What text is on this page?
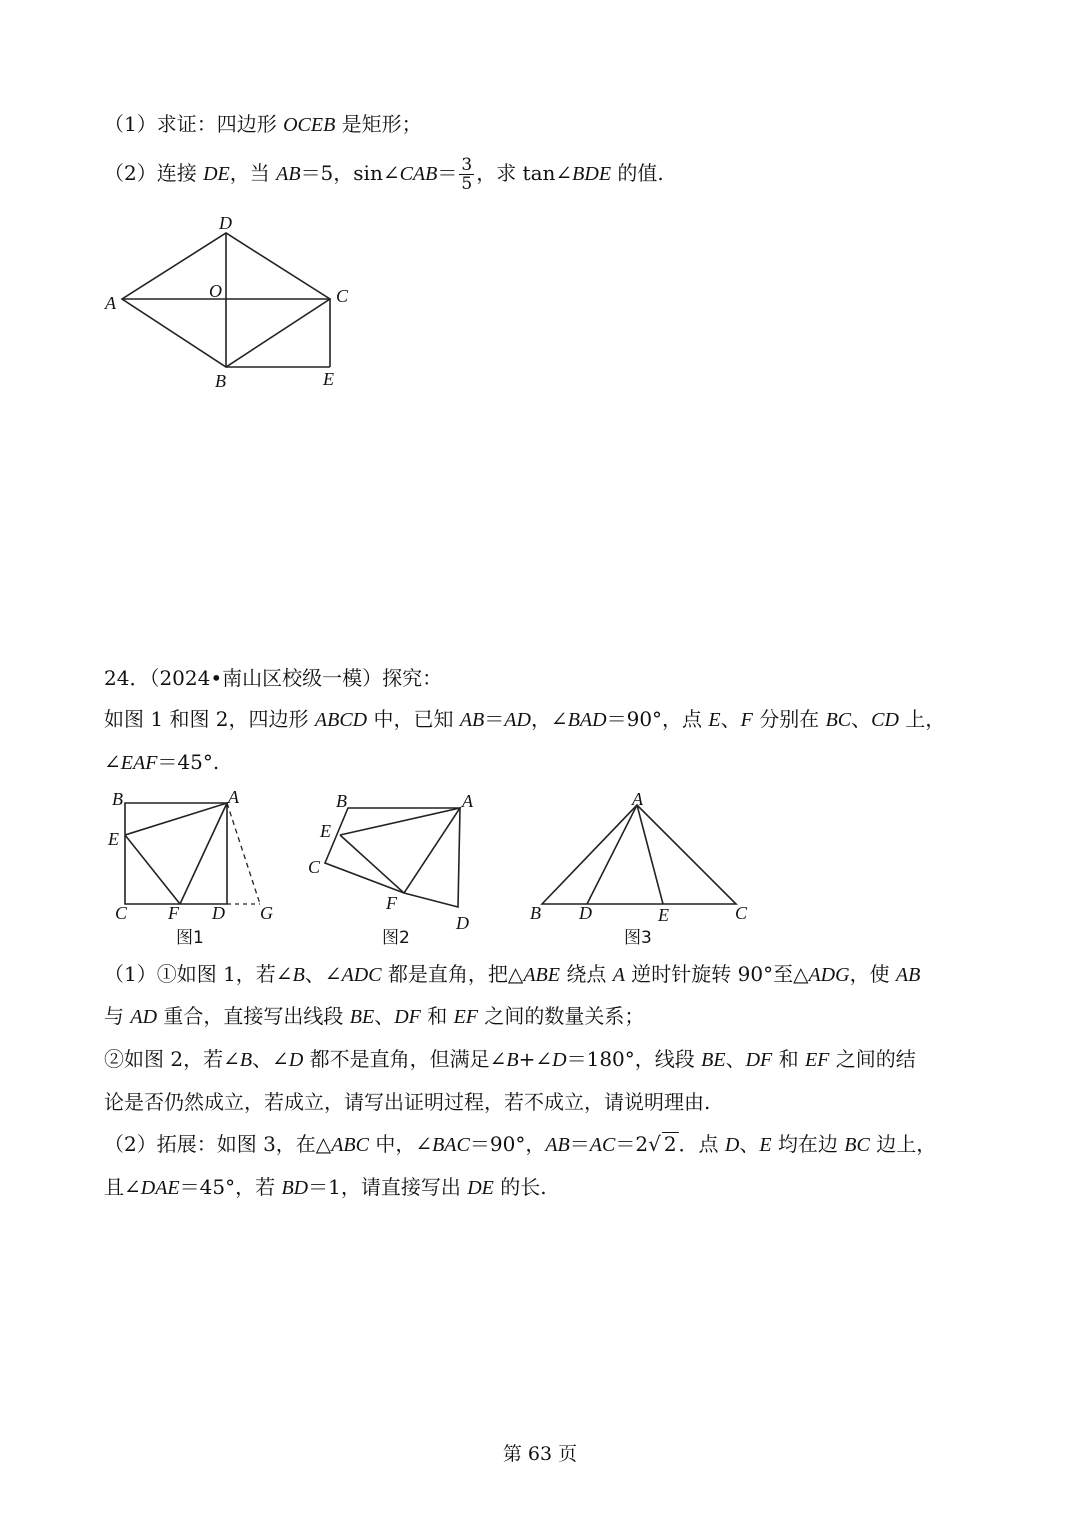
（1）求证：四边形 OCEB 是矩形；
（2）连接 DE，当 AB＝5，sin∠CAB＝ $\frac{3}{5}$ ，求 tan∠BDE 的值.
D
A
O	C
B	E
24．（2024•南山区校级一模）探究：
如图 1 和图 2，四边形 ABCD 中，已知 AB＝AD，∠BAD＝90°，点 E、F 分别在 BC、CD 上，
∠EAF＝45°.
B	A
E
C F D G
图1
B	A
E
C
F
D
图2
A
B D	E	C
图3
（1）①如图 1，若∠B、∠ADC 都是直角，把△ABE 绕点 A 逆时针旋转 90°至△ADG，使 AB
与 AD 重合，直接写出线段 BE、DF 和 EF 之间的数量关系；
②如图 2，若∠B、∠D 都不是直角，但满足∠B+∠D＝180°，线段 BE、DF 和 EF 之间的结
论是否仍然成立，若成立，请写出证明过程，若不成立，请说明理由.
（2）拓展：如图 3，在△ABC 中，∠BAC＝90°，AB＝AC＝2√ 2 ．点 D、E 均在边 BC 边上，
且∠DAE＝45°，若 BD＝1，请直接写出 DE 的长.
第 63 页
